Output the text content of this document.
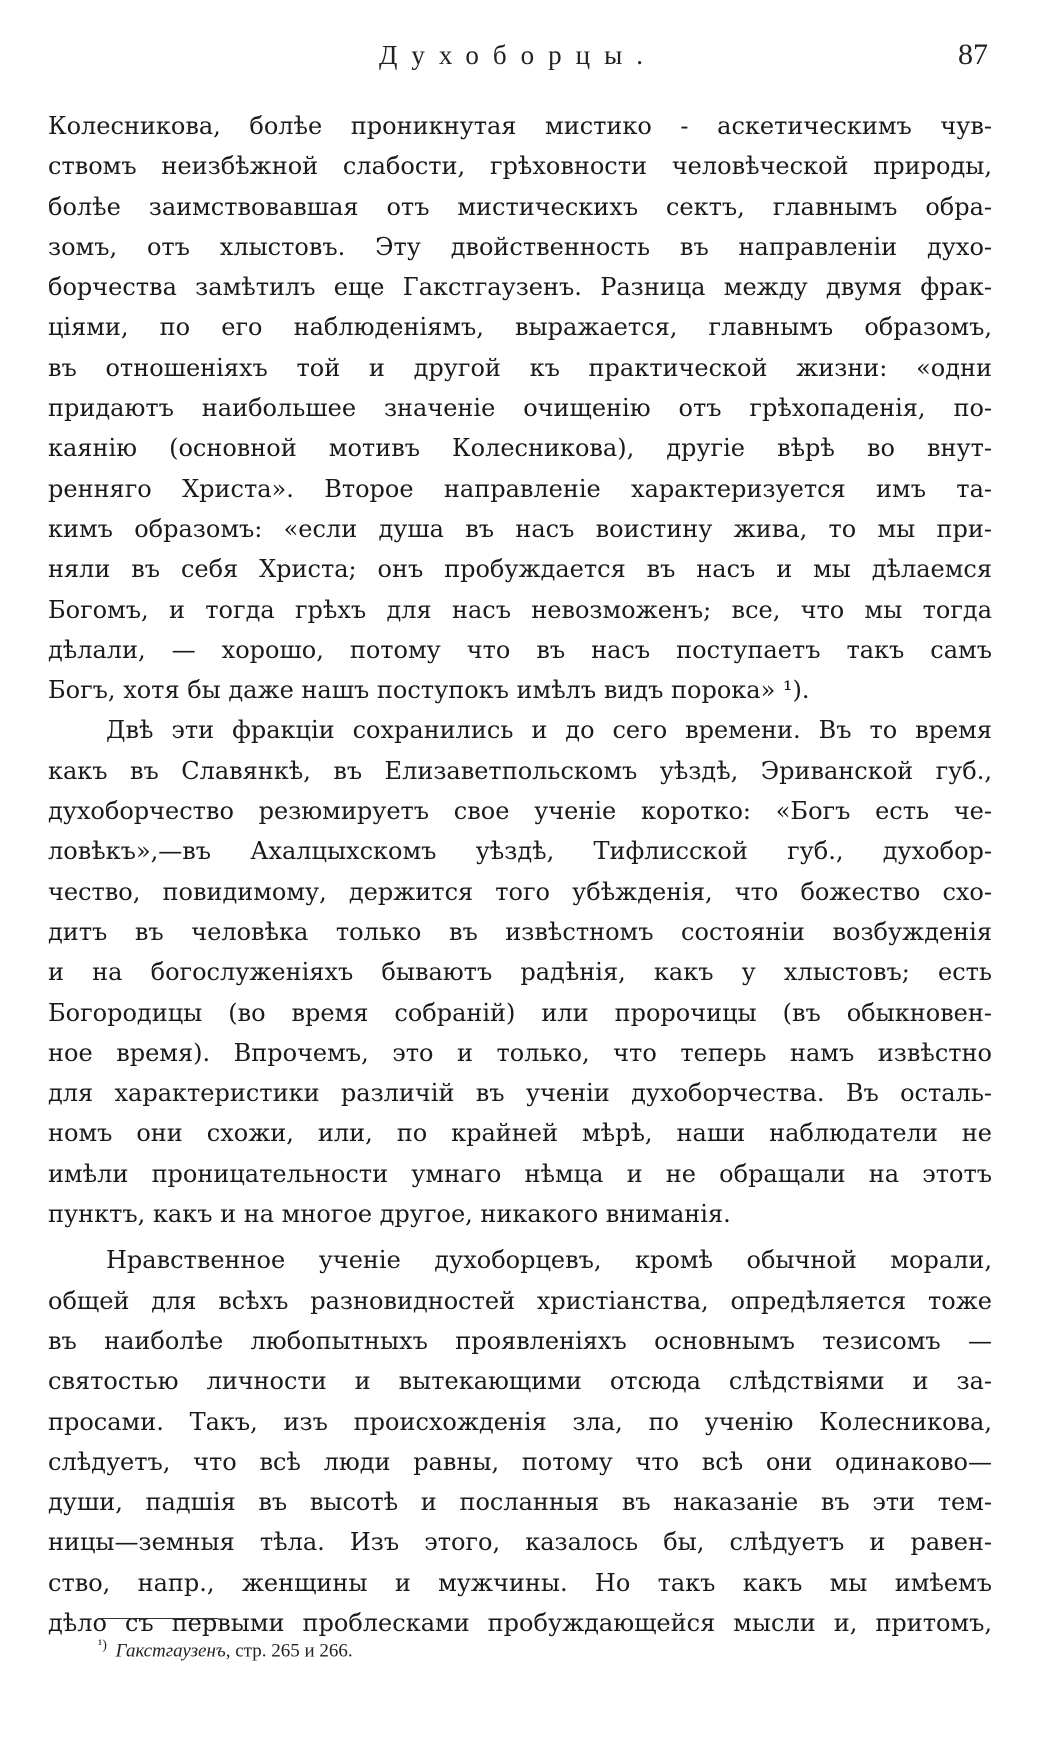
Духоборцы.	87
Колесникова, болѣе проникнутая мистико - аскетическимъ чув-
ствомъ неизбѣжной слабости, грѣховности человѣческой природы,
болѣе заимствовавшая отъ мистическихъ сектъ, главнымъ обра-
зомъ, отъ хлыстовъ. Эту двойственность въ направленіи духо-
борчества замѣтилъ еще Гакстгаузенъ. Разница между двумя фрак-
ціями, по его наблюденіямъ, выражается, главнымъ образомъ,
въ отношеніяхъ той и другой къ практической жизни: «одни
придаютъ наибольшее значеніе очищенію отъ грѣхопаденія, по-
каянію (основной мотивъ Колесникова), другіе вѣрѣ во внут-
ренняго Христа». Второе направленіе характеризуется имъ та-
кимъ образомъ: «если душа въ насъ воистину жива, то мы при-
няли въ себя Христа; онъ пробуждается въ насъ и мы дѣлаемся
Богомъ, и тогда грѣхъ для насъ невозможенъ; все, что мы тогда
дѣлали, — хорошо, потому что въ насъ поступаетъ такъ самъ
Богъ, хотя бы даже нашъ поступокъ имѣлъ видъ порока» ¹).
Двѣ эти фракціи сохранились и до сего времени. Въ то время
какъ въ Славянкѣ, въ Елизаветпольскомъ уѣздѣ, Эриванской губ.,
духоборчество резюмируетъ свое ученіе коротко: «Богъ есть че-
ловѣкъ»,—въ Ахалцыхскомъ уѣздѣ, Тифлисской губ., духобор-
чество, повидимому, держится того убѣжденія, что божество схо-
дитъ въ человѣка только въ извѣстномъ состояніи возбужденія
и на богослуженіяхъ бываютъ радѣнія, какъ у хлыстовъ; есть
Богородицы (во время собраній) или пророчицы (въ обыкновен-
ное время). Впрочемъ, это и только, что теперь намъ извѣстно
для характеристики различій въ ученіи духоборчества. Въ осталь-
номъ они схожи, или, по крайней мѣрѣ, наши наблюдатели не
имѣли проницательности умнаго нѣмца и не обращали на этотъ
пунктъ, какъ и на многое другое, никакого вниманія.
Нравственное ученіе духоборцевъ, кромѣ обычной морали,
общей для всѣхъ разновидностей христіанства, опредѣляется тоже
въ наиболѣе любопытныхъ проявленіяхъ основнымъ тезисомъ —
святостью личности и вытекающими отсюда слѣдствіями и за-
просами. Такъ, изъ происхожденія зла, по ученію Колесникова,
слѣдуетъ, что всѣ люди равны, потому что всѣ они одинаково—
души, падшія въ высотѣ и посланныя въ наказаніе въ эти тем-
ницы—земныя тѣла. Изъ этого, казалось бы, слѣдуетъ и равен-
ство, напр., женщины и мужчины. Но такъ какъ мы имѣемъ
дѣло съ первыми проблесками пробуждающейся мысли и, притомъ,
$^{^1)}$ Гакстгаузенъ, стр. 265 и 266.
